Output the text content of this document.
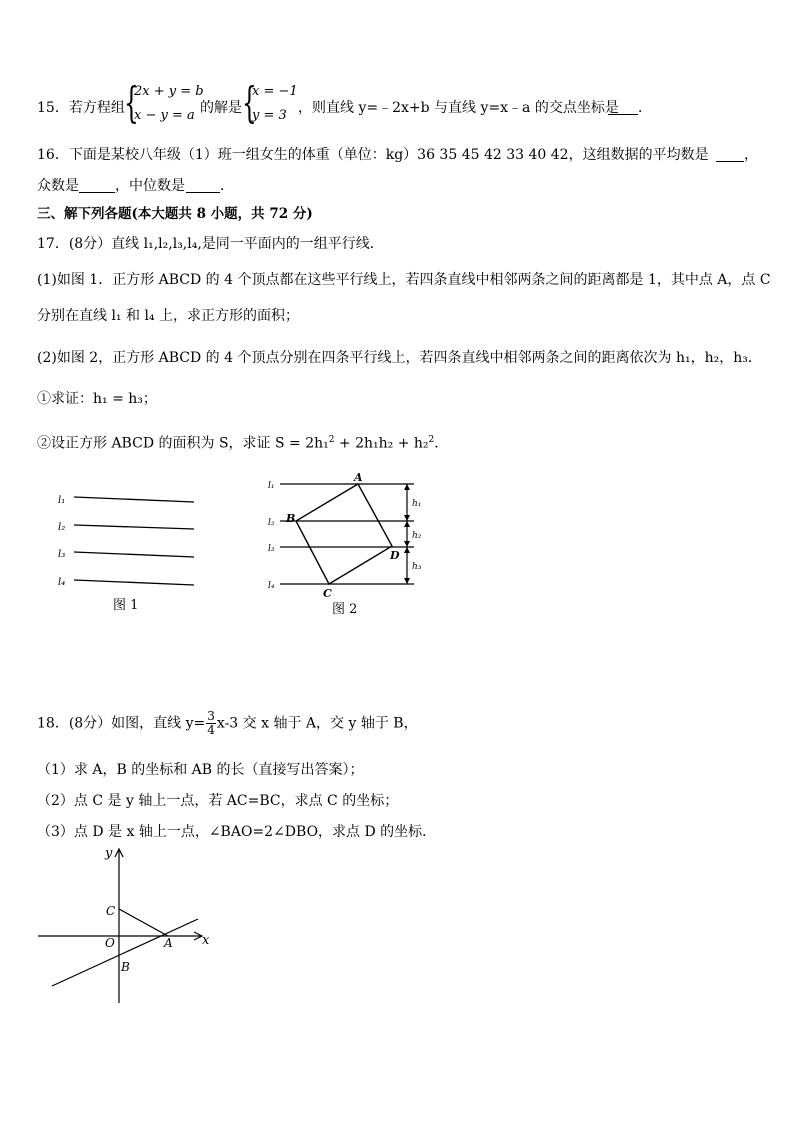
15．若方程组 {
2x + y = b
x − y = a 的解是 {
x = −1
y = 3 ，则直线 y=﹣2x+b 与直线 y=x﹣a 的交点坐标是 ．
16．下面是某校八年级（1）班一组女生的体重（单位：kg）36 35 45 42 33 40 42，这组数据的平均数是	，
众数是	，中位数是	．
三、解下列各题(本大题共 8 小题，共 72 分)
17．(8分）直线 l₁,l₂,l₃,l₄,是同一平面内的一组平行线．
(1)如图 1．正方形 ABCD 的 4 个顶点都在这些平行线上，若四条直线中相邻两条之间的距离都是 1，其中点 A，点 C
分别在直线 l₁ 和 l₄ 上，求正方形的面积；
(2)如图 2，正方形 ABCD 的 4 个顶点分别在四条平行线上，若四条直线中相邻两条之间的距离依次为 h₁，h₂，h₃．
①求证：h₁ = h₃；
②设正方形 ABCD 的面积为 S，求证 S = 2h₁$^2$ + 2h₁h₂ + h₂$^2$．
l₁
l₂
l₃
l₄
图 1
l₁
l₂
l₃
l₄
A
B
C
D
h₁
h₂
h₃
图 2
18．(8分）如图，直线 $y= \frac{3}{4} x-3$ 交 x 轴于 A，交 y 轴于 B，
（1）求 A，B 的坐标和 AB 的长（直接写出答案）；
（2）点 C 是 y 轴上一点，若 AC=BC，求点 C 的坐标；
（3）点 D 是 x 轴上一点，∠BAO=2∠DBO，求点 D 的坐标．
x
y
O	A
B
C
